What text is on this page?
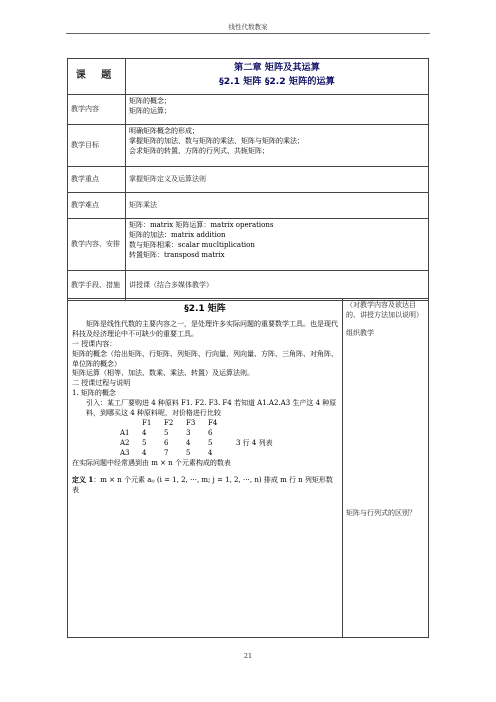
线性代数教案
课 题	第二章 矩阵及其运算
§2.1 矩阵 §2.2 矩阵的运算

教学内容	矩阵的概念；
矩阵的运算；

教学目标	明确矩阵概念的形成；
掌握矩阵的加法、数与矩阵的乘法、矩阵与矩阵的乘法；
会求矩阵的转置、方阵的行列式、共轭矩阵；

教学重点	掌握矩阵定义及运算法则
教学难点	矩阵乘法
教学内容、安排	矩阵：matrix 矩阵运算：matrix operations
矩阵的加法：matrix addition
数与矩阵相乘：scalar mucltiplication
转置矩阵：transposd matrix

教学手段、措施	讲授课（结合多媒体教学）
§2.1 矩阵
矩阵是线性代数的主要内容之一，是处理许多实际问题的重要数学工具。也是现代科技及经济理论中不可缺少的重要工具。
一 授课内容：
矩阵的概念（给出矩阵、行矩阵、列矩阵、行向量、列向量、方阵、三角阵、对角阵、单位阵的概念）
矩阵运算（相等、加法、数乘、乘法、转置）及运算法则。
二 授课过程与说明
1. 矩阵的概念
引入：某工厂要购进 4 种原料 F1. F2. F3. F4 若知道 A1.A2.A3 生产这 4 种原料，到哪买这 4 种原料呢，对价格进行比较
F1	F2	F3	F4
A1	4	5	3	6
A2	5	6	4	5	3 行 4 列表
A3	4	7	5	4
在实际问题中经常遇到由 m × n 个元素构成的数表
定义 1：m × n 个元素 aᵢⱼ (i = 1, 2, ⋯, m; j = 1, 2, ⋯, n) 排成 m 行 n 列矩形数表

（对教学内容及欲达目的、讲授方法加以说明）
组织教学
矩阵与行列式的区别？
21
